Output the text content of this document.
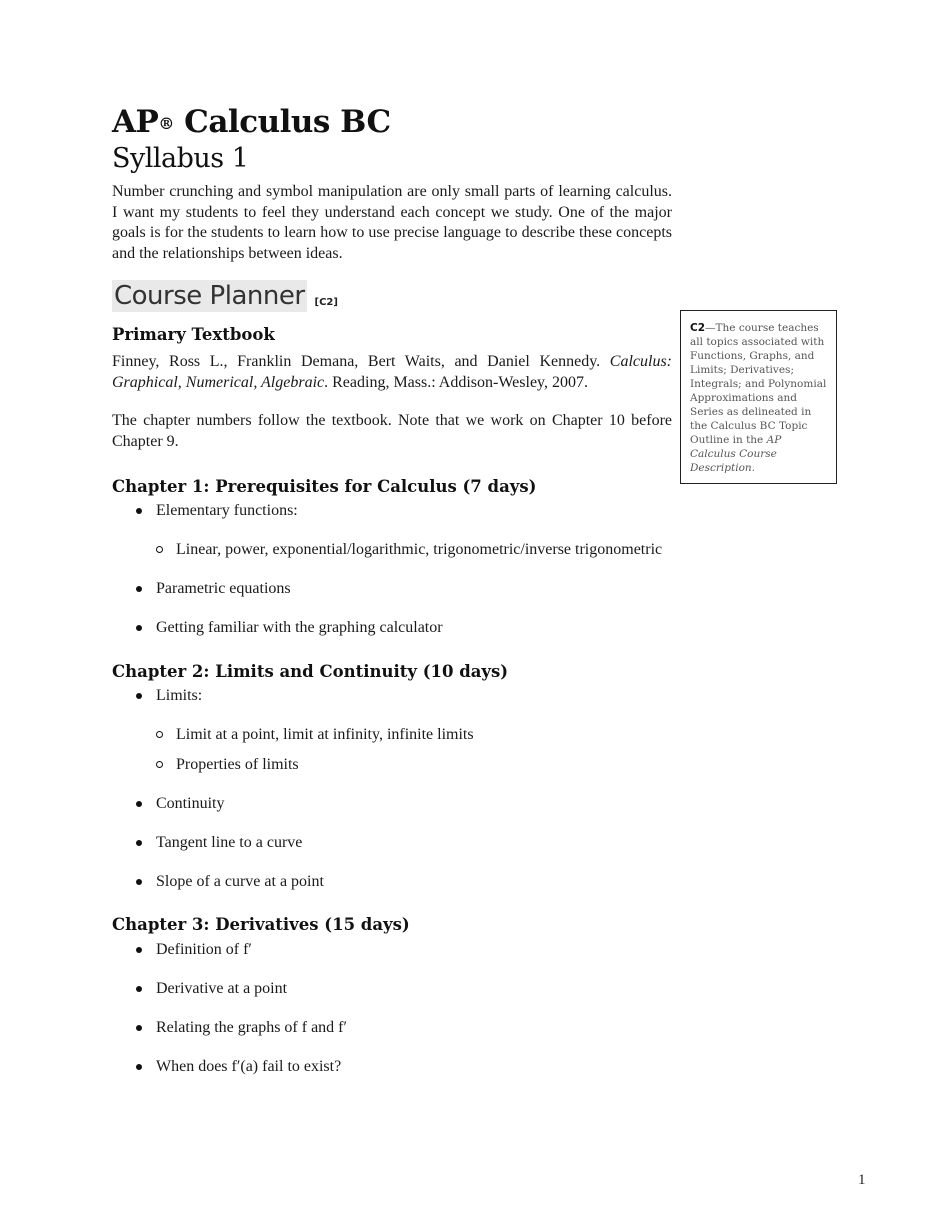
AP® Calculus BC
Syllabus 1

Number crunching and symbol manipulation are only small parts of learning calculus. I want my students to feel they understand each concept we study. One of the major goals is for the students to learn how to use precise language to describe these concepts and the relationships between ideas.

Course Planner [C2]
Primary Textbook

Finney, Ross L., Franklin Demana, Bert Waits, and Daniel Kennedy. Calculus: Graphical, Numerical, Algebraic. Reading, Mass.: Addison-Wesley, 2007.

The chapter numbers follow the textbook. Note that we work on Chapter 10 before Chapter 9.

Chapter 1: Prerequisites for Calculus (7 days)
Elementary functions:
Linear, power, exponential/logarithmic, trigonometric/inverse trigonometric
Parametric equations
Getting familiar with the graphing calculator
Chapter 2: Limits and Continuity (10 days)
Limits:
Limit at a point, limit at infinity, infinite limits
Properties of limits
Continuity
Tangent line to a curve
Slope of a curve at a point
Chapter 3: Derivatives (15 days)
Definition of f′
Derivative at a point
Relating the graphs of f and f′
When does f′(a) fail to exist?
C2—The course teaches all topics associated with Functions, Graphs, and Limits; Derivatives; Integrals; and Polynomial Approximations and Series as delineated in the Calculus BC Topic Outline in the AP Calculus Course Description.
1
